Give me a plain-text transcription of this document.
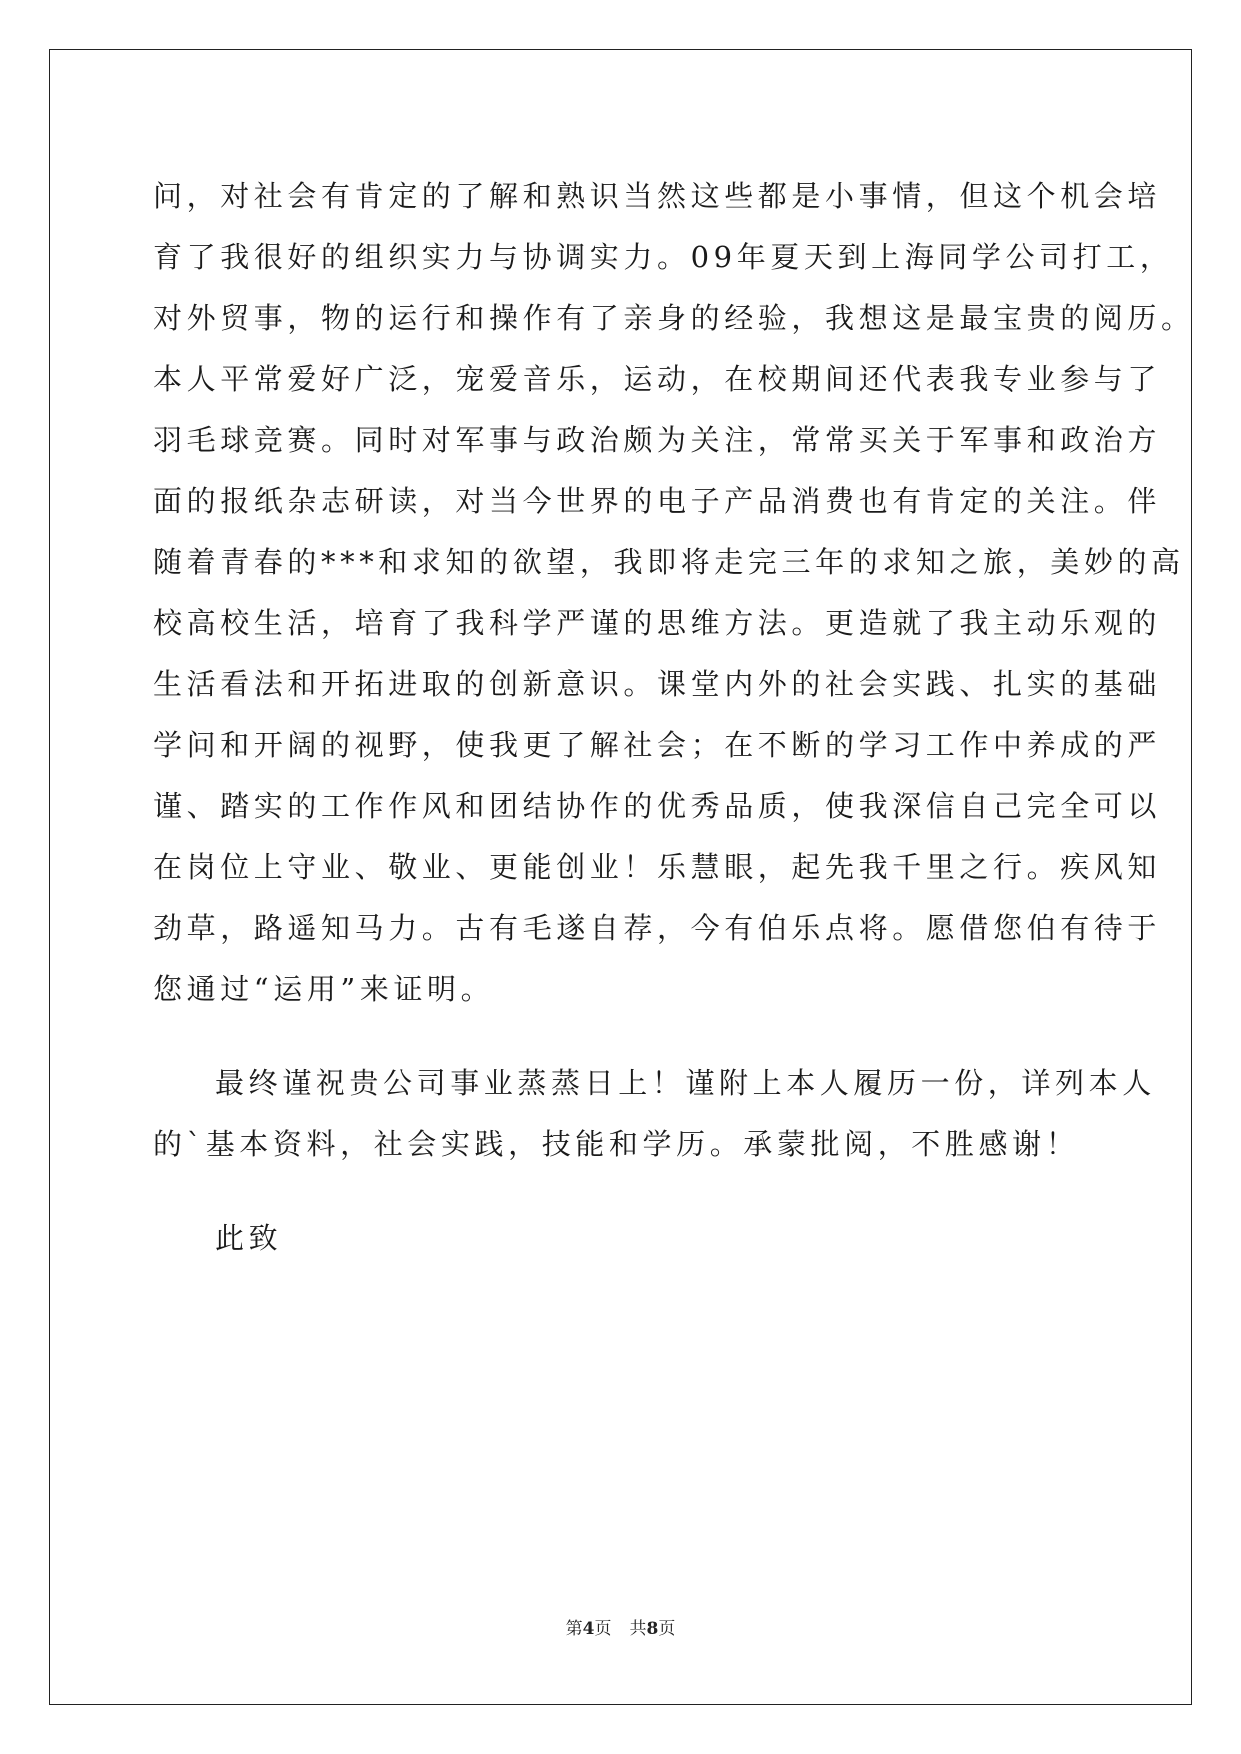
问，对社会有肯定的了解和熟识当然这些都是小事情，但这个机会培
育了我很好的组织实力与协调实力。09年夏天到上海同学公司打工，
对外贸事，物的运行和操作有了亲身的经验，我想这是最宝贵的阅历。
本人平常爱好广泛，宠爱音乐，运动，在校期间还代表我专业参与了
羽毛球竞赛。同时对军事与政治颇为关注，常常买关于军事和政治方
面的报纸杂志研读，对当今世界的电子产品消费也有肯定的关注。伴
随着青春的***和求知的欲望，我即将走完三年的求知之旅，美妙的高
校高校生活，培育了我科学严谨的思维方法。更造就了我主动乐观的
生活看法和开拓进取的创新意识。课堂内外的社会实践、扎实的基础
学问和开阔的视野，使我更了解社会；在不断的学习工作中养成的严
谨、踏实的工作作风和团结协作的优秀品质，使我深信自己完全可以
在岗位上守业、敬业、更能创业！乐慧眼，起先我千里之行。疾风知
劲草，路遥知马力。古有毛遂自荐，今有伯乐点将。愿借您伯有待于
您通过“运用”来证明。
最终谨祝贵公司事业蒸蒸日上！谨附上本人履历一份，详列本人
的`基本资料，社会实践，技能和学历。承蒙批阅，不胜感谢！
此致
第4页 共8页
